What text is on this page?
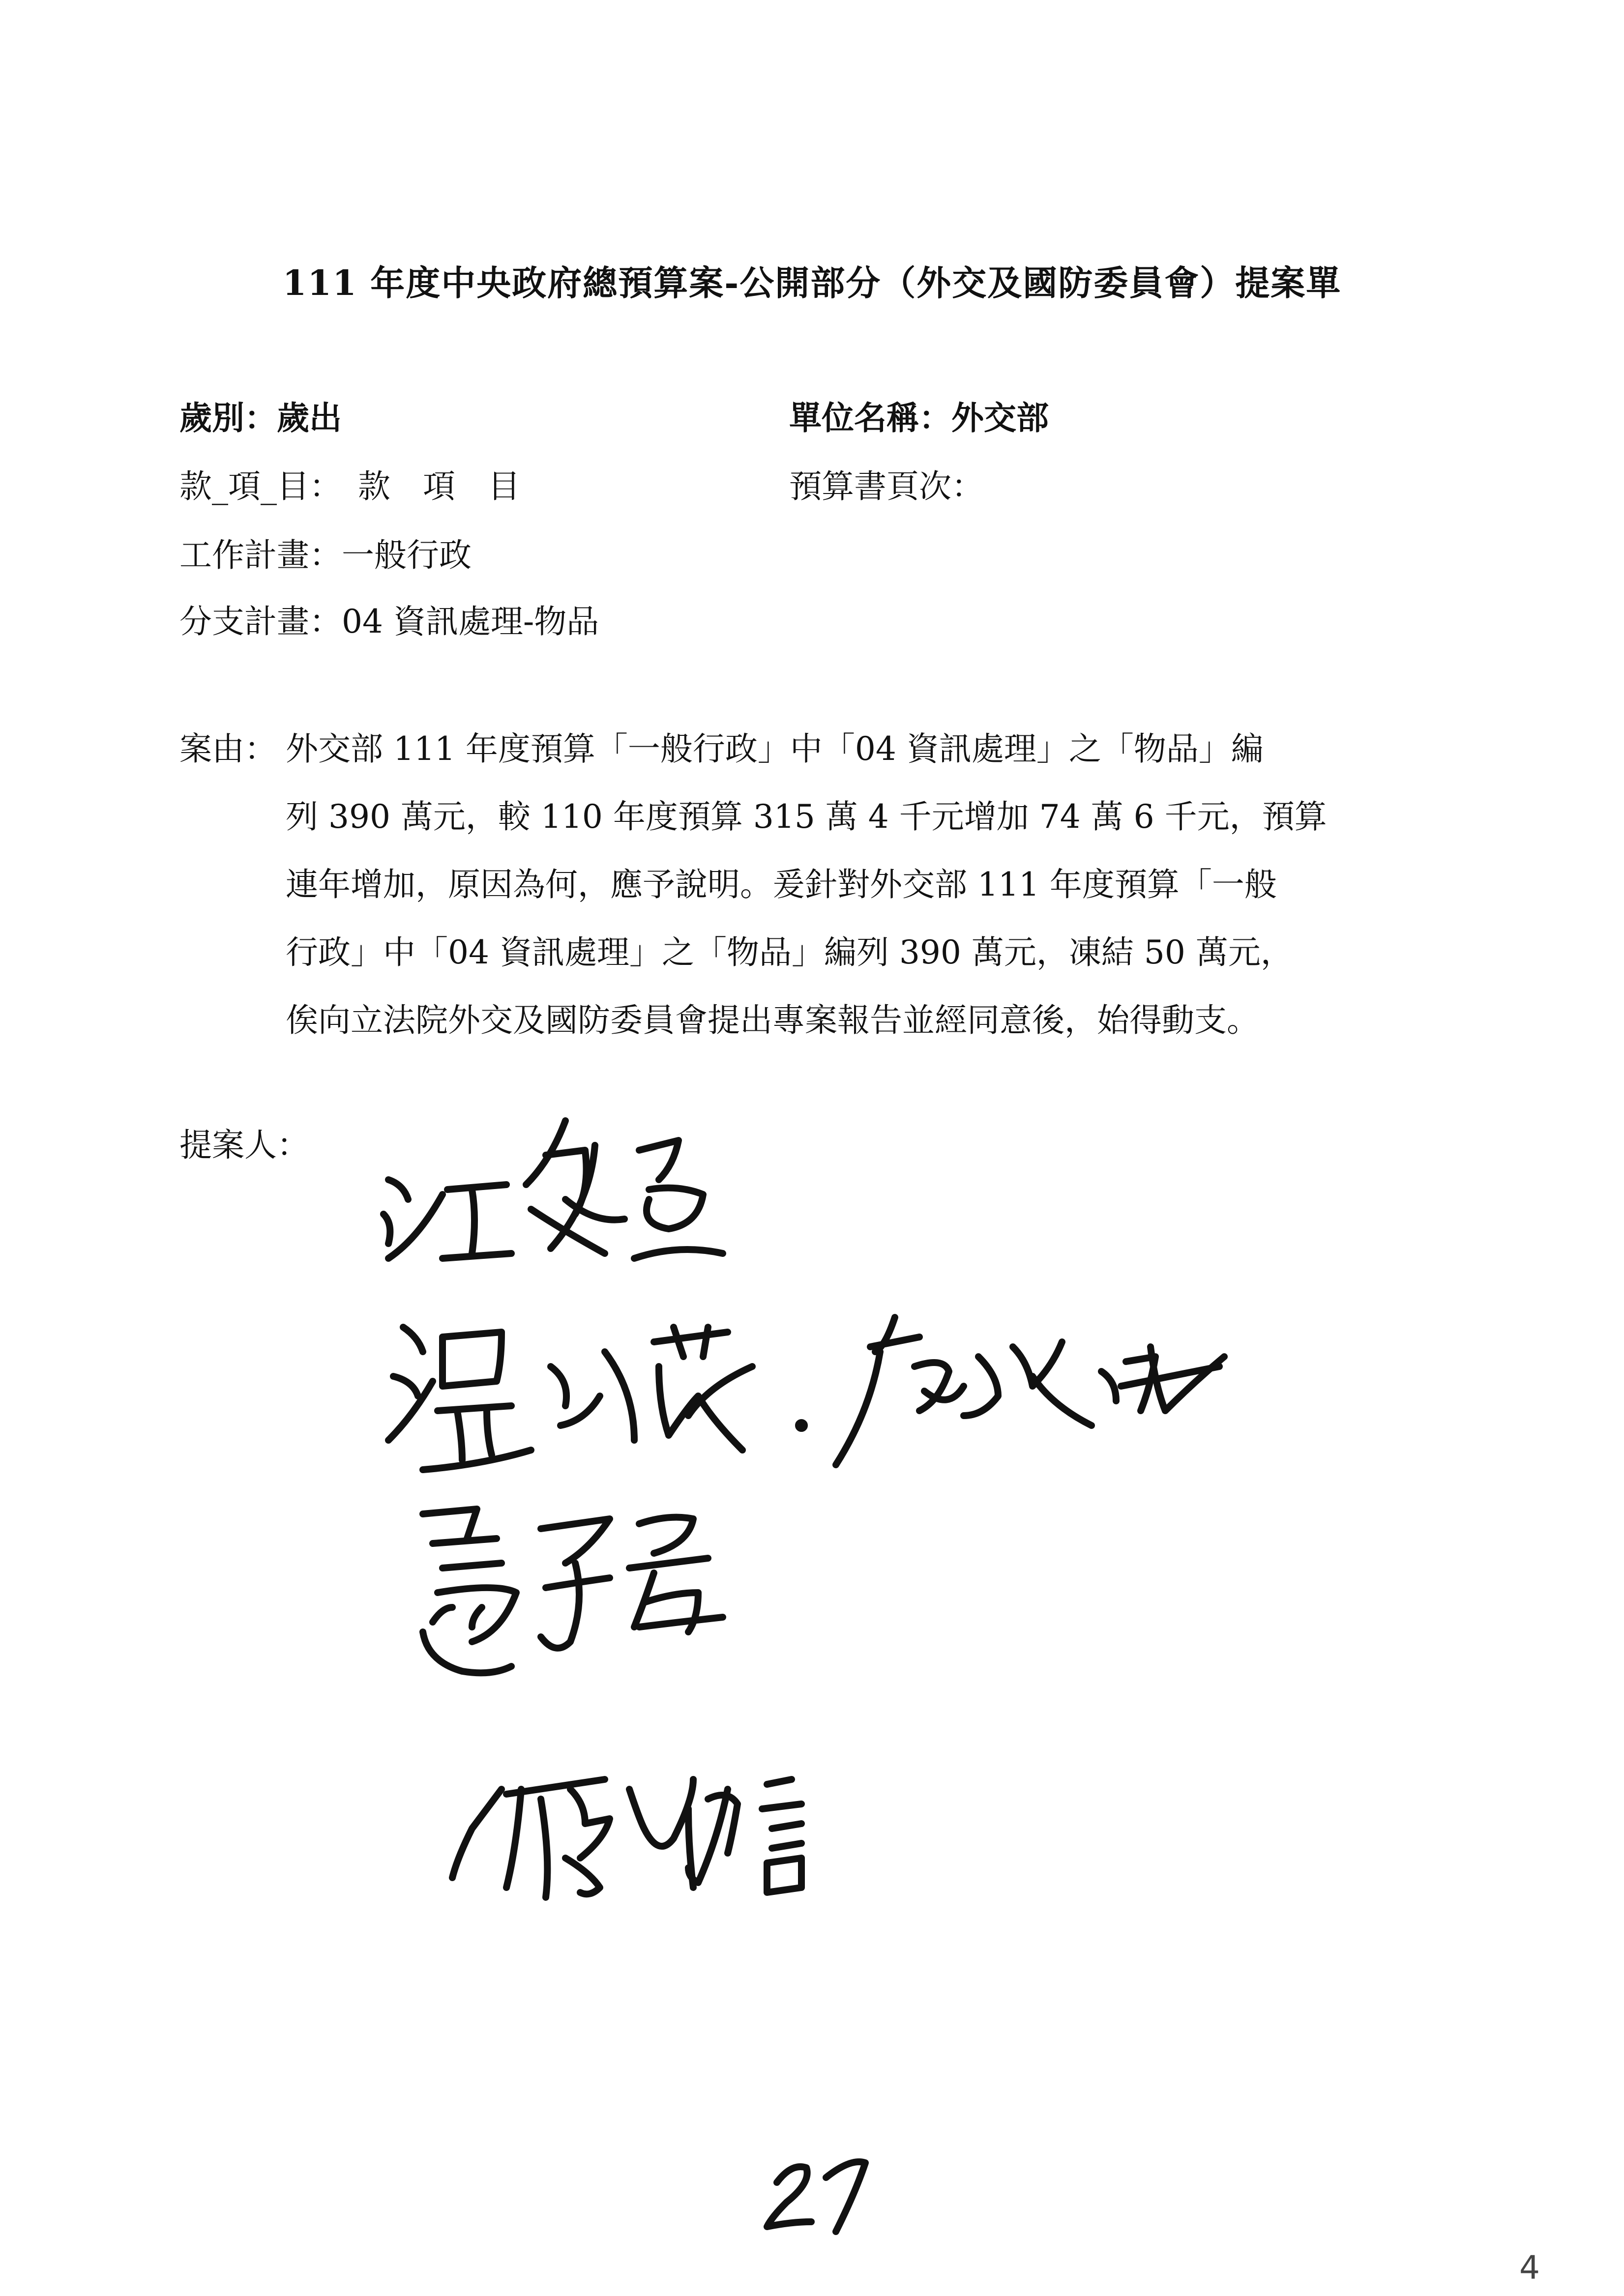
111 年度中央政府總預算案-公開部分（外交及國防委員會）提案單
歲別：歲出	單位名稱：外交部
款_項_目：　款　項　目	預算書頁次：
工作計畫：一般行政
分支計畫：04 資訊處理-物品
案由： 外交部 111 年度預算「一般行政」中「04 資訊處理」之「物品」編
列 390 萬元，較 110 年度預算 315 萬 4 千元增加 74 萬 6 千元，預算
連年增加，原因為何，應予說明。爰針對外交部 111 年度預算「一般
行政」中「04 資訊處理」之「物品」編列 390 萬元，凍結 50 萬元，
俟向立法院外交及國防委員會提出專案報告並經同意後，始得動支。
提案人：
4
